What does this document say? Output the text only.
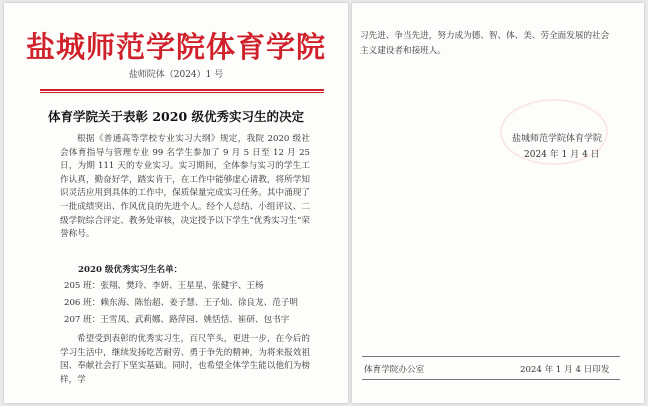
盐城师范学院体育学院
盐师院体（2024）1 号
体育学院关于表彰 2020 级优秀实习生的决定
根据《普通高等学校专业实习大纲》规定，我院 2020 级社会体育指导与管理专业 99 名学生参加了 9 月 5 日至 12 月 25 日，为期 111 天的专业实习。实习期间，全体参与实习的学生工作认真，勤奋好学，踏实肯干，在工作中能够虚心请教，将所学知识灵活应用到具体的工作中，保质保量完成实习任务。其中涌现了一批成绩突出、作风优良的先进个人。经个人总结、小组评议、二级学院综合评定、教务处审核，决定授予以下学生“优秀实习生”荣誉称号。
2020 级优秀实习生名单：
205 班：张翔、樊玲、李妍、王星星、张健宇、王杨
206 班：赖东海、陈怡超、姜子慧、王子灿、徐良龙、范子明
207 班：王雪凤、武莉娜、路萍园、姚恬恬、崔研、包书宇
希望受到表彰的优秀实习生，百尺竿头，更进一步，在今后的学习生活中，继续发扬吃苦耐劳、勇于争先的精神，为将来报效祖国、奉献社会打下坚实基础。同时，也希望全体学生能以他们为榜样，学
习先进、争当先进，努力成为德、智、体、美、劳全面发展的社会主义建设者和接班人。
盐城师范学院体育学院
2024 年 1 月 4 日
体育学院办公室	2024 年 1 月 4 日印发
